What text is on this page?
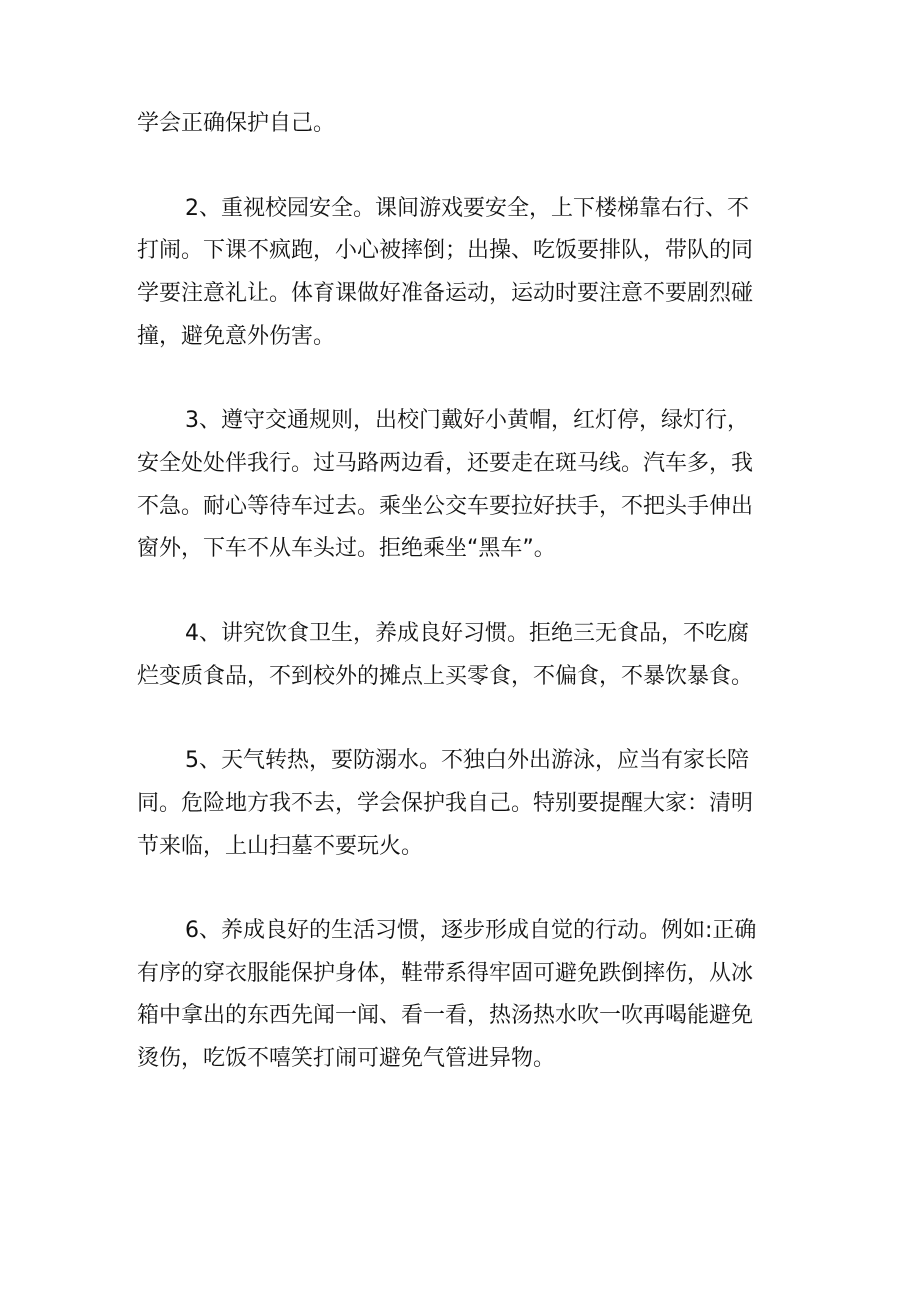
学会正确保护自己。
2、重视校园安全。课间游戏要安全，上下楼梯靠右行、不
打闹。下课不疯跑，小心被摔倒；出操、吃饭要排队，带队的同
学要注意礼让。体育课做好准备运动，运动时要注意不要剧烈碰
撞，避免意外伤害。
3、遵守交通规则，出校门戴好小黄帽，红灯停，绿灯行，
安全处处伴我行。过马路两边看，还要走在斑马线。汽车多，我
不急。耐心等待车过去。乘坐公交车要拉好扶手，不把头手伸出
窗外，下车不从车头过。拒绝乘坐“黑车”。
4、讲究饮食卫生，养成良好习惯。拒绝三无食品，不吃腐
烂变质食品，不到校外的摊点上买零食，不偏食，不暴饮暴食。
5、天气转热，要防溺水。不独白外出游泳，应当有家长陪
同。危险地方我不去，学会保护我自己。特别要提醒大家：清明
节来临，上山扫墓不要玩火。
6、养成良好的生活习惯，逐步形成自觉的行动。例如:正确
有序的穿衣服能保护身体，鞋带系得牢固可避免跌倒摔伤，从冰
箱中拿出的东西先闻一闻、看一看，热汤热水吹一吹再喝能避免
烫伤，吃饭不嘻笑打闹可避免气管进异物。
